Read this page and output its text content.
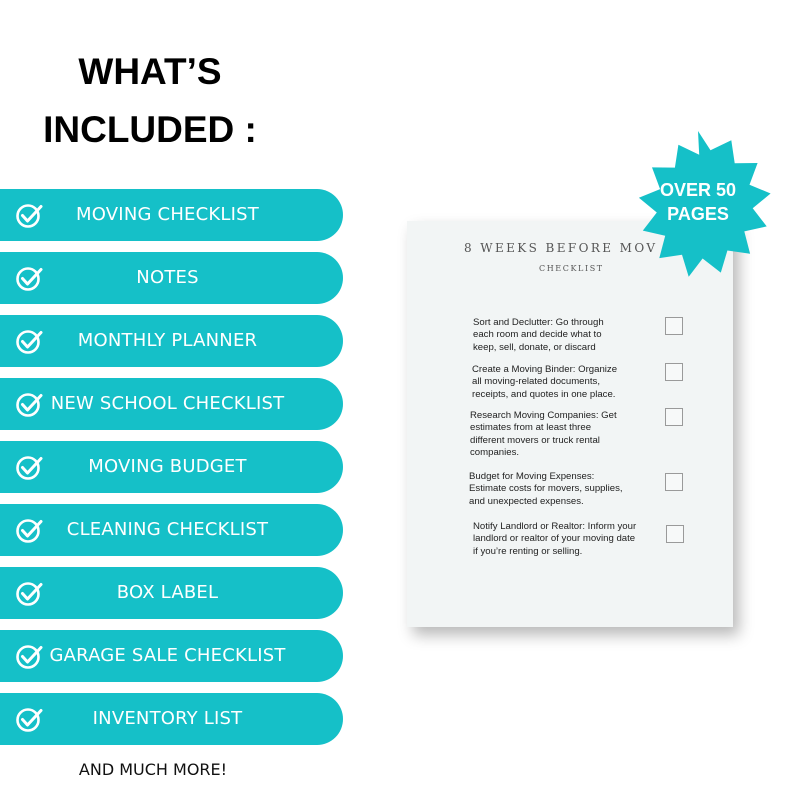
WHAT’S
INCLUDED :
MOVING CHECKLIST
NOTES
MONTHLY PLANNER
NEW SCHOOL CHECKLIST
MOVING BUDGET
CLEANING CHECKLIST
BOX LABEL
GARAGE SALE CHECKLIST
INVENTORY LIST
AND MUCH MORE!
8 WEEKS BEFORE MOV
CHECKLIST
Sort and Declutter: Go through
each room and decide what to
keep, sell, donate, or discard
Create a Moving Binder: Organize
all moving-related documents,
receipts, and quotes in one place.
Research Moving Companies: Get
estimates from at least three
different movers or truck rental
companies.
Budget for Moving Expenses:
Estimate costs for movers, supplies,
and unexpected expenses.
Notify Landlord or Realtor: Inform your
landlord or realtor of your moving date
if you’re renting or selling.
OVER 50
PAGES
